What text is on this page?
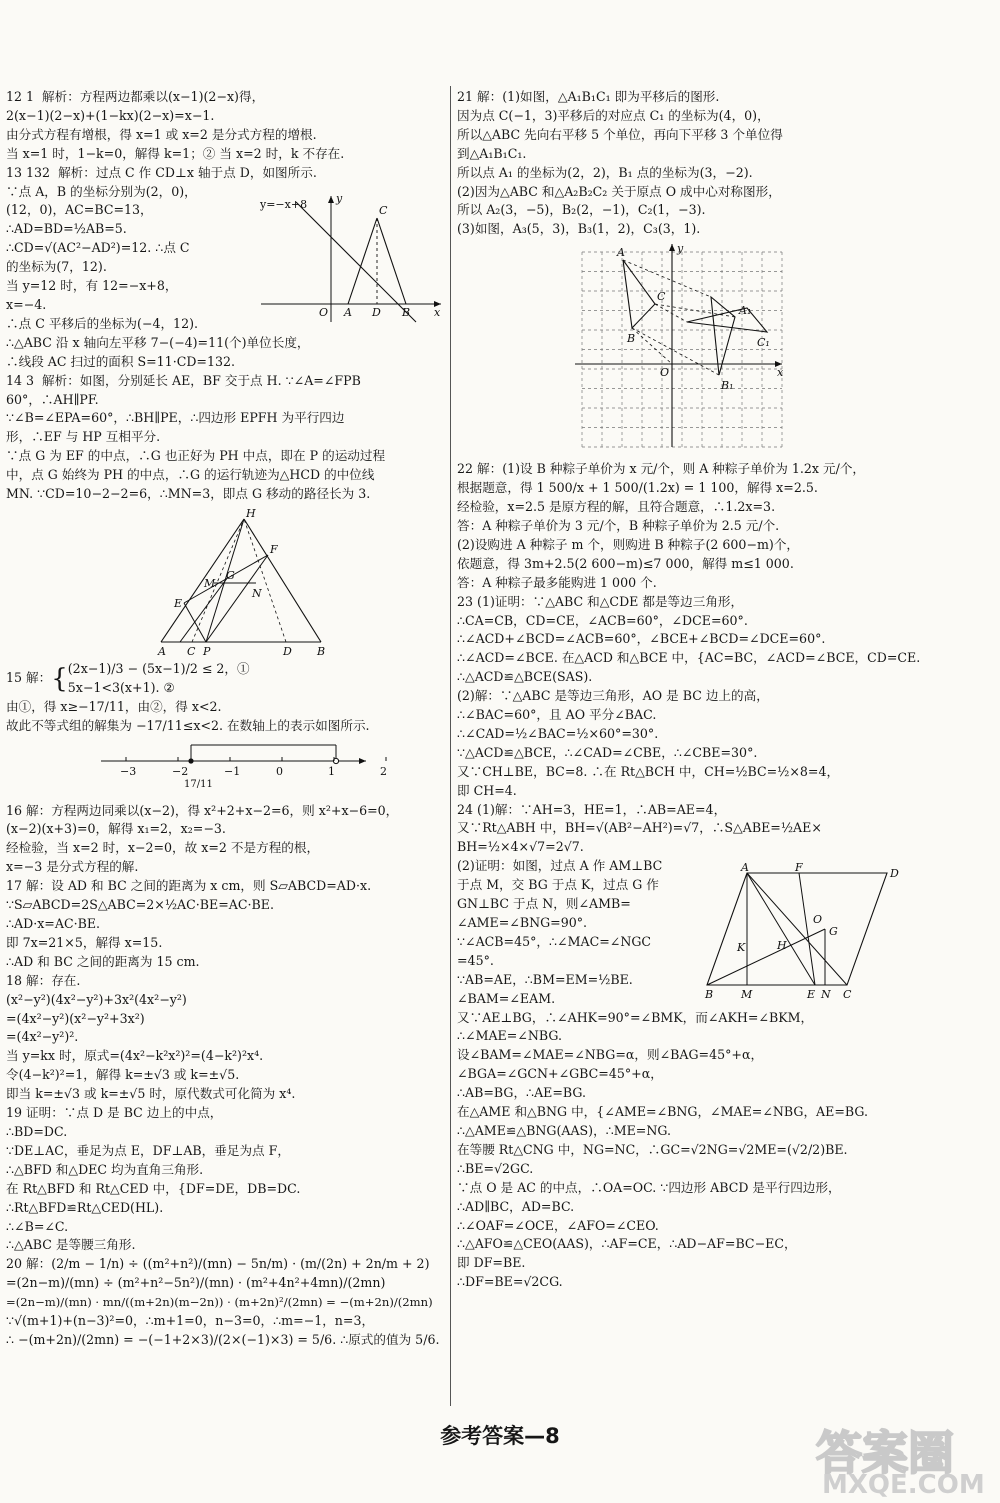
12 1  解析：方程两边都乘以(x−1)(2−x)得，
2(x−1)(2−x)+(1−kx)(2−x)=x−1.
由分式方程有增根，得 x=1 或 x=2 是分式方程的增根.
当 x=1 时，1−k=0，解得 k=1；② 当 x=2 时，k 不存在.
13 132  解析：过点 C 作 CD⊥x 轴于点 D，如图所示.
∵点 A，B 的坐标分别为(2，0)，
(12，0)，AC=BC=13，
∴AD=BD=½AB=5.
∴CD=√(AC²−AD²)=12. ∴点 C
的坐标为(7，12).
当 y=12 时，有 12=−x+8，
x=−4.
∴点 C 平移后的坐标为(−4，12).
∴△ABC 沿 x 轴向左平移 7−(−4)=11(个)单位长度，
∴线段 AC 扫过的面积 S=11·CD=132.
y=−x+8	y
C
O A D B x
14 3  解析：如图，分别延长 AE，BF 交于点 H. ∵∠A=∠FPB
60°，∴AH∥PF.
∵∠B=∠EPA=60°，∴BH∥PE，∴四边形 EPFH 为平行四边
形，∴EF 与 HP 互相平分.
∵点 G 为 EF 的中点，∴G 也正好为 PH 中点，即在 P 的运动过程
中，点 G 始终为 PH 的中点，∴G 的运行轨迹为△HCD 的中位线
MN. ∵CD=10−2−2=6，∴MN=3，即点 G 移动的路径长为 3.
H
F
M
G
N
E
A C P	D B
15 解： { (2x−1)/3 − (5x−1)/2 ≤ 2，①
5x−1<3(x+1). ②
由①，得 x≥−17/11，由②，得 x<2.
故此不等式组的解集为 −17/11≤x<2. 在数轴上的表示如图所示.
−3	−2	−1	0	1	2
17/11
16 解：方程两边同乘以(x−2)，得 x²+2+x−2=6，则 x²+x−6=0，
(x−2)(x+3)=0，解得 x₁=2，x₂=−3.
经检验，当 x=2 时，x−2=0，故 x=2 不是方程的根，
x=−3 是分式方程的解.
17 解：设 AD 和 BC 之间的距离为 x cm，则 S▱ABCD=AD·x.
∵S▱ABCD=2S△ABC=2×½AC·BE=AC·BE.
∴AD·x=AC·BE.
即 7x=21×5，解得 x=15.
∴AD 和 BC 之间的距离为 15 cm.
18 解：存在.
(x²−y²)(4x²−y²)+3x²(4x²−y²)
=(4x²−y²)(x²−y²+3x²)
=(4x²−y²)².
当 y=kx 时，原式=(4x²−k²x²)²=(4−k²)²x⁴.
令(4−k²)²=1，解得 k=±√3 或 k=±√5.
即当 k=±√3 或 k=±√5 时，原代数式可化简为 x⁴.
19 证明：∵点 D 是 BC 边上的中点，
∴BD=DC.
∵DE⊥AC，垂足为点 E，DF⊥AB，垂足为点 F，
∴△BFD 和△DEC 均为直角三角形.
在 Rt△BFD 和 Rt△CED 中，{DF=DE，DB=DC.
∴Rt△BFD≌Rt△CED(HL).
∴∠B=∠C.
∴△ABC 是等腰三角形.
20 解：(2/m − 1/n) ÷ ((m²+n²)/(mn) − 5n/m) · (m/(2n) + 2n/m + 2)
=(2n−m)/(mn) ÷ (m²+n²−5n²)/(mn) · (m²+4n²+4mn)/(2mn)
=(2n−m)/(mn) · mn/((m+2n)(m−2n)) · (m+2n)²/(2mn) = −(m+2n)/(2mn)
∵√(m+1)+(n−3)²=0，∴m+1=0，n−3=0，∴m=−1，n=3，
∴ −(m+2n)/(2mn) = −(−1+2×3)/(2×(−1)×3) = 5/6. ∴原式的值为 5/6.
21 解：(1)如图，△A₁B₁C₁ 即为平移后的图形.
因为点 C(−1，3)平移后的对应点 C₁ 的坐标为(4，0)，
所以△ABC 先向右平移 5 个单位，再向下平移 3 个单位得
到△A₁B₁C₁.
所以点 A₁ 的坐标为(2，2)，B₁ 点的坐标为(3，−2).
(2)因为△ABC 和△A₂B₂C₂ 关于原点 O 成中心对称图形，
所以 A₂(3，−5)，B₂(2，−1)，C₂(1，−3).
(3)如图，A₃(5，3)，B₃(1，2)，C₃(3，1).
A
B
C
O
y
x
A₁
B₁
C₁
22 解：(1)设 B 种粽子单价为 x 元/个，则 A 种粽子单价为 1.2x 元/个，
根据题意，得 1 500/x + 1 500/(1.2x) = 1 100，解得 x=2.5.
经检验，x=2.5 是原方程的解，且符合题意，∴1.2x=3.
答：A 种粽子单价为 3 元/个，B 种粽子单价为 2.5 元/个.
(2)设购进 A 种粽子 m 个，则购进 B 种粽子(2 600−m)个，
依题意，得 3m+2.5(2 600−m)≤7 000，解得 m≤1 000.
答：A 种粽子最多能购进 1 000 个.
23 (1)证明：∵△ABC 和△CDE 都是等边三角形，
∴CA=CB，CD=CE，∠ACB=60°，∠DCE=60°.
∴∠ACD+∠BCD=∠ACB=60°，∠BCE+∠BCD=∠DCE=60°.
∴∠ACD=∠BCE. 在△ACD 和△BCE 中，{AC=BC，∠ACD=∠BCE，CD=CE.
∴△ACD≌△BCE(SAS).
(2)解：∵△ABC 是等边三角形，AO 是 BC 边上的高，
∴∠BAC=60°，且 AO 平分∠BAC.
∴∠CAD=½∠BAC=½×60°=30°.
∵△ACD≌△BCE，∴∠CAD=∠CBE，∴∠CBE=30°.
又∵CH⊥BE，BC=8. ∴在 Rt△BCH 中，CH=½BC=½×8=4，
即 CH=4.
24 (1)解：∵AH=3，HE=1，∴AB=AE=4，
又∵Rt△ABH 中，BH=√(AB²−AH²)=√7，∴S△ABE=½AE×
BH=½×4×√7=2√7.
(2)证明：如图，过点 A 作 AM⊥BC
于点 M，交 BG 于点 K，过点 G 作
GN⊥BC 于点 N，则∠AMB=
∠AME=∠BNG=90°.
∵∠ACB=45°，∴∠MAC=∠NGC
=45°.
∵AB=AE，∴BM=EM=½BE.
∠BAM=∠EAM.
又∵AE⊥BG，∴∠AHK=90°=∠BMK，而∠AKH=∠BKM，
∴∠MAE=∠NBG.
设∠BAM=∠MAE=∠NBG=α，则∠BAG=45°+α，
∠BGA=∠GCN+∠GBC=45°+α，
∴AB=BG，∴AE=BG.
在△AME 和△BNG 中，{∠AME=∠BNG，∠MAE=∠NBG，AE=BG.
∴△AME≌△BNG(AAS)，∴ME=NG.
在等腰 Rt△CNG 中，NG=NC，∴GC=√2NG=√2ME=(√2/2)BE.
∴BE=√2GC.
∵点 O 是 AC 的中点，∴OA=OC. ∵四边形 ABCD 是平行四边形，
∴AD∥BC，AD=BC.
∴∠OAF=∠OCE，∠AFO=∠CEO.
∴△AFO≌△CEO(AAS)，∴AF=CE，∴AD−AF=BC−EC，
即 DF=BE.
∴DF=BE=√2CG.
A	F	D
O
G
K	H
B	M	E N C
参考答案—8	答案圈
MXQE.COM
